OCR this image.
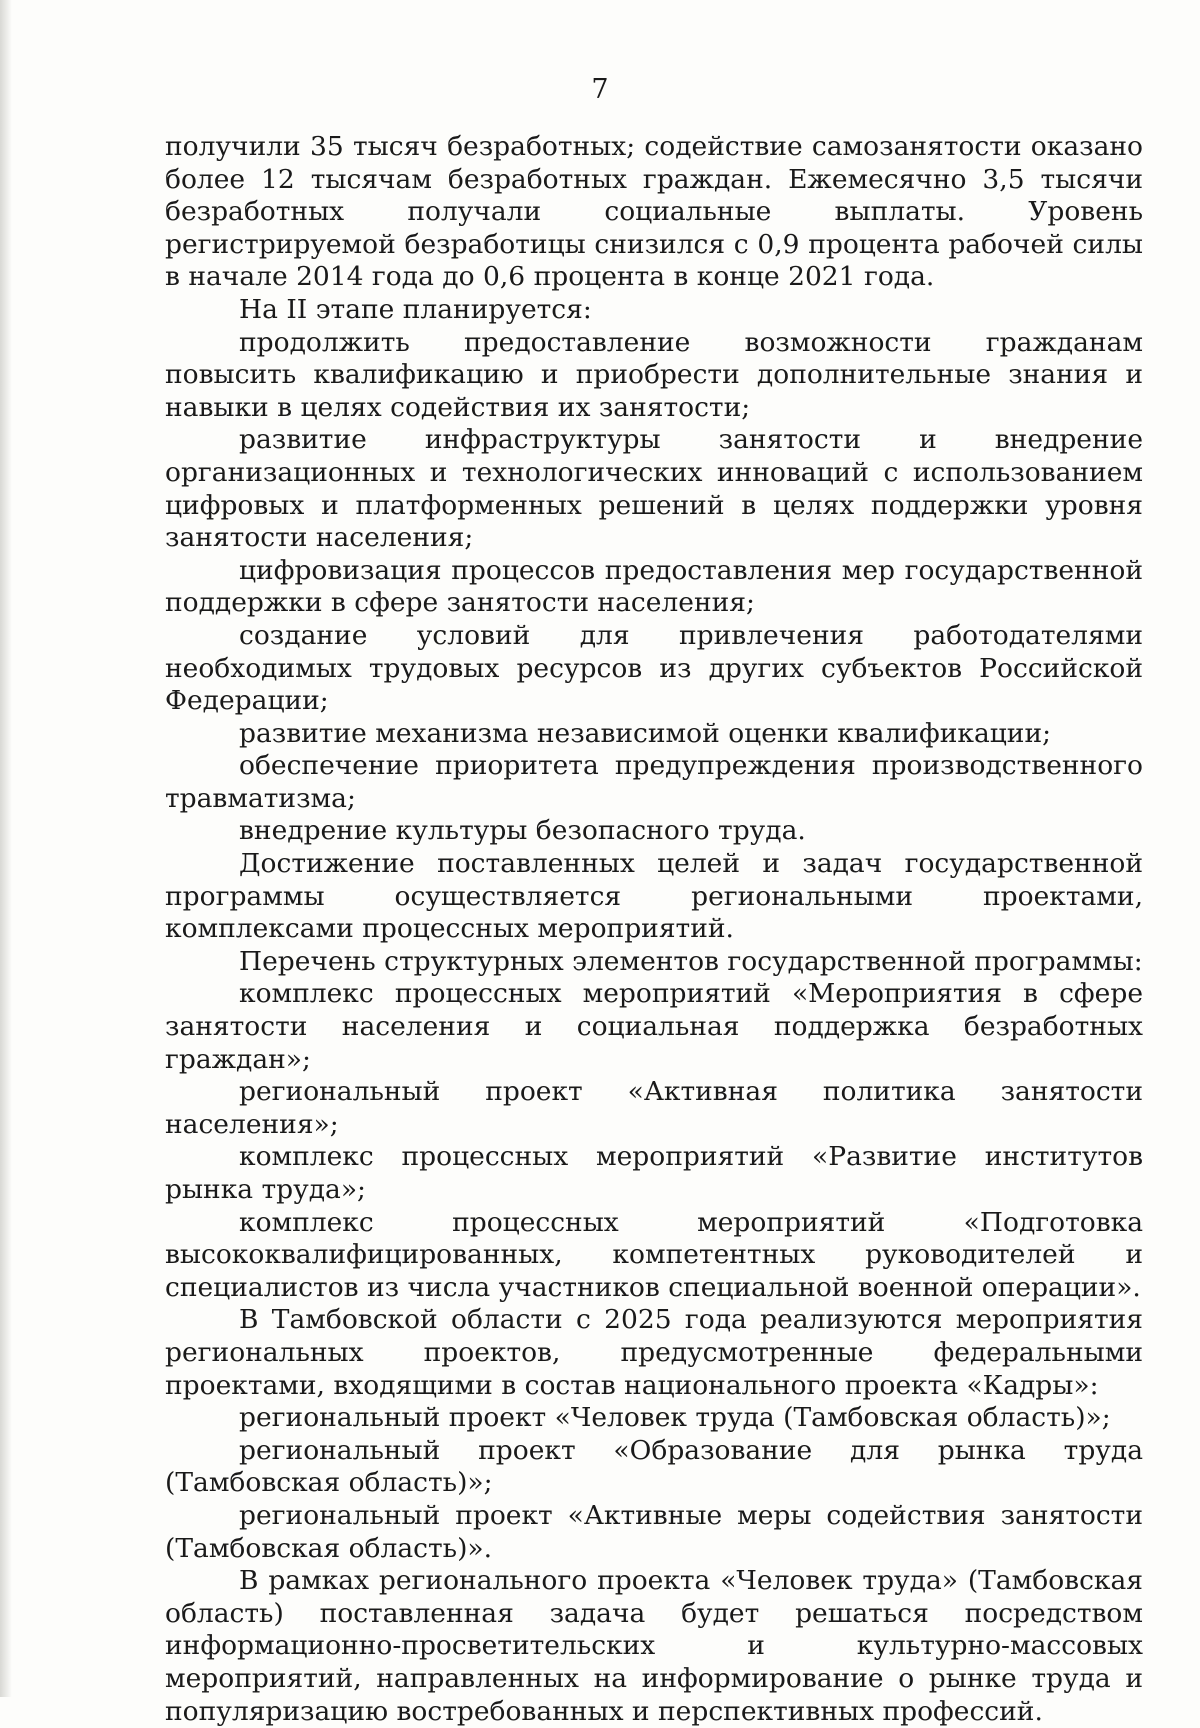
7

получили 35 тысяч безработных; содействие самозанятости оказано более 12 тысячам безработных граждан. Ежемесячно 3,5 тысячи безработных получали социальные выплаты. Уровень регистрируемой безработицы снизился с 0,9 процента рабочей силы в начале 2014 года до 0,6 процента в конце 2021 года.

На II этапе планируется:

продолжить предоставление возможности гражданам повысить квалификацию и приобрести дополнительные знания и навыки в целях содействия их занятости;

развитие инфраструктуры занятости и внедрение организационных и технологических инноваций с использованием цифровых и платформенных решений в целях поддержки уровня занятости населения;

цифровизация процессов предоставления мер государственной поддержки в сфере занятости населения;

создание условий для привлечения работодателями необходимых трудовых ресурсов из других субъектов Российской Федерации;

развитие механизма независимой оценки квалификации;

обеспечение приоритета предупреждения производственного травматизма;

внедрение культуры безопасного труда.

Достижение поставленных целей и задач государственной программы осуществляется региональными проектами, комплексами процессных мероприятий.

Перечень структурных элементов государственной программы:

комплекс процессных мероприятий «Мероприятия в сфере занятости населения и социальная поддержка безработных граждан»;

региональный проект «Активная политика занятости населения»;

комплекс процессных мероприятий «Развитие институтов рынка труда»;

комплекс процессных мероприятий «Подготовка высококвалифицированных, компетентных руководителей и специалистов из числа участников специальной военной операции».

В Тамбовской области с 2025 года реализуются мероприятия региональных проектов, предусмотренные федеральными проектами, входящими в состав национального проекта «Кадры»:

региональный проект «Человек труда (Тамбовская область)»;

региональный проект «Образование для рынка труда (Тамбовская область)»;

региональный проект «Активные меры содействия занятости (Тамбовская область)».

В рамках регионального проекта «Человек труда» (Тамбовская область) поставленная задача будет решаться посредством информационно-просветительских и культурно-массовых мероприятий, направленных на информирование о рынке труда и популяризацию востребованных и перспективных профессий.
